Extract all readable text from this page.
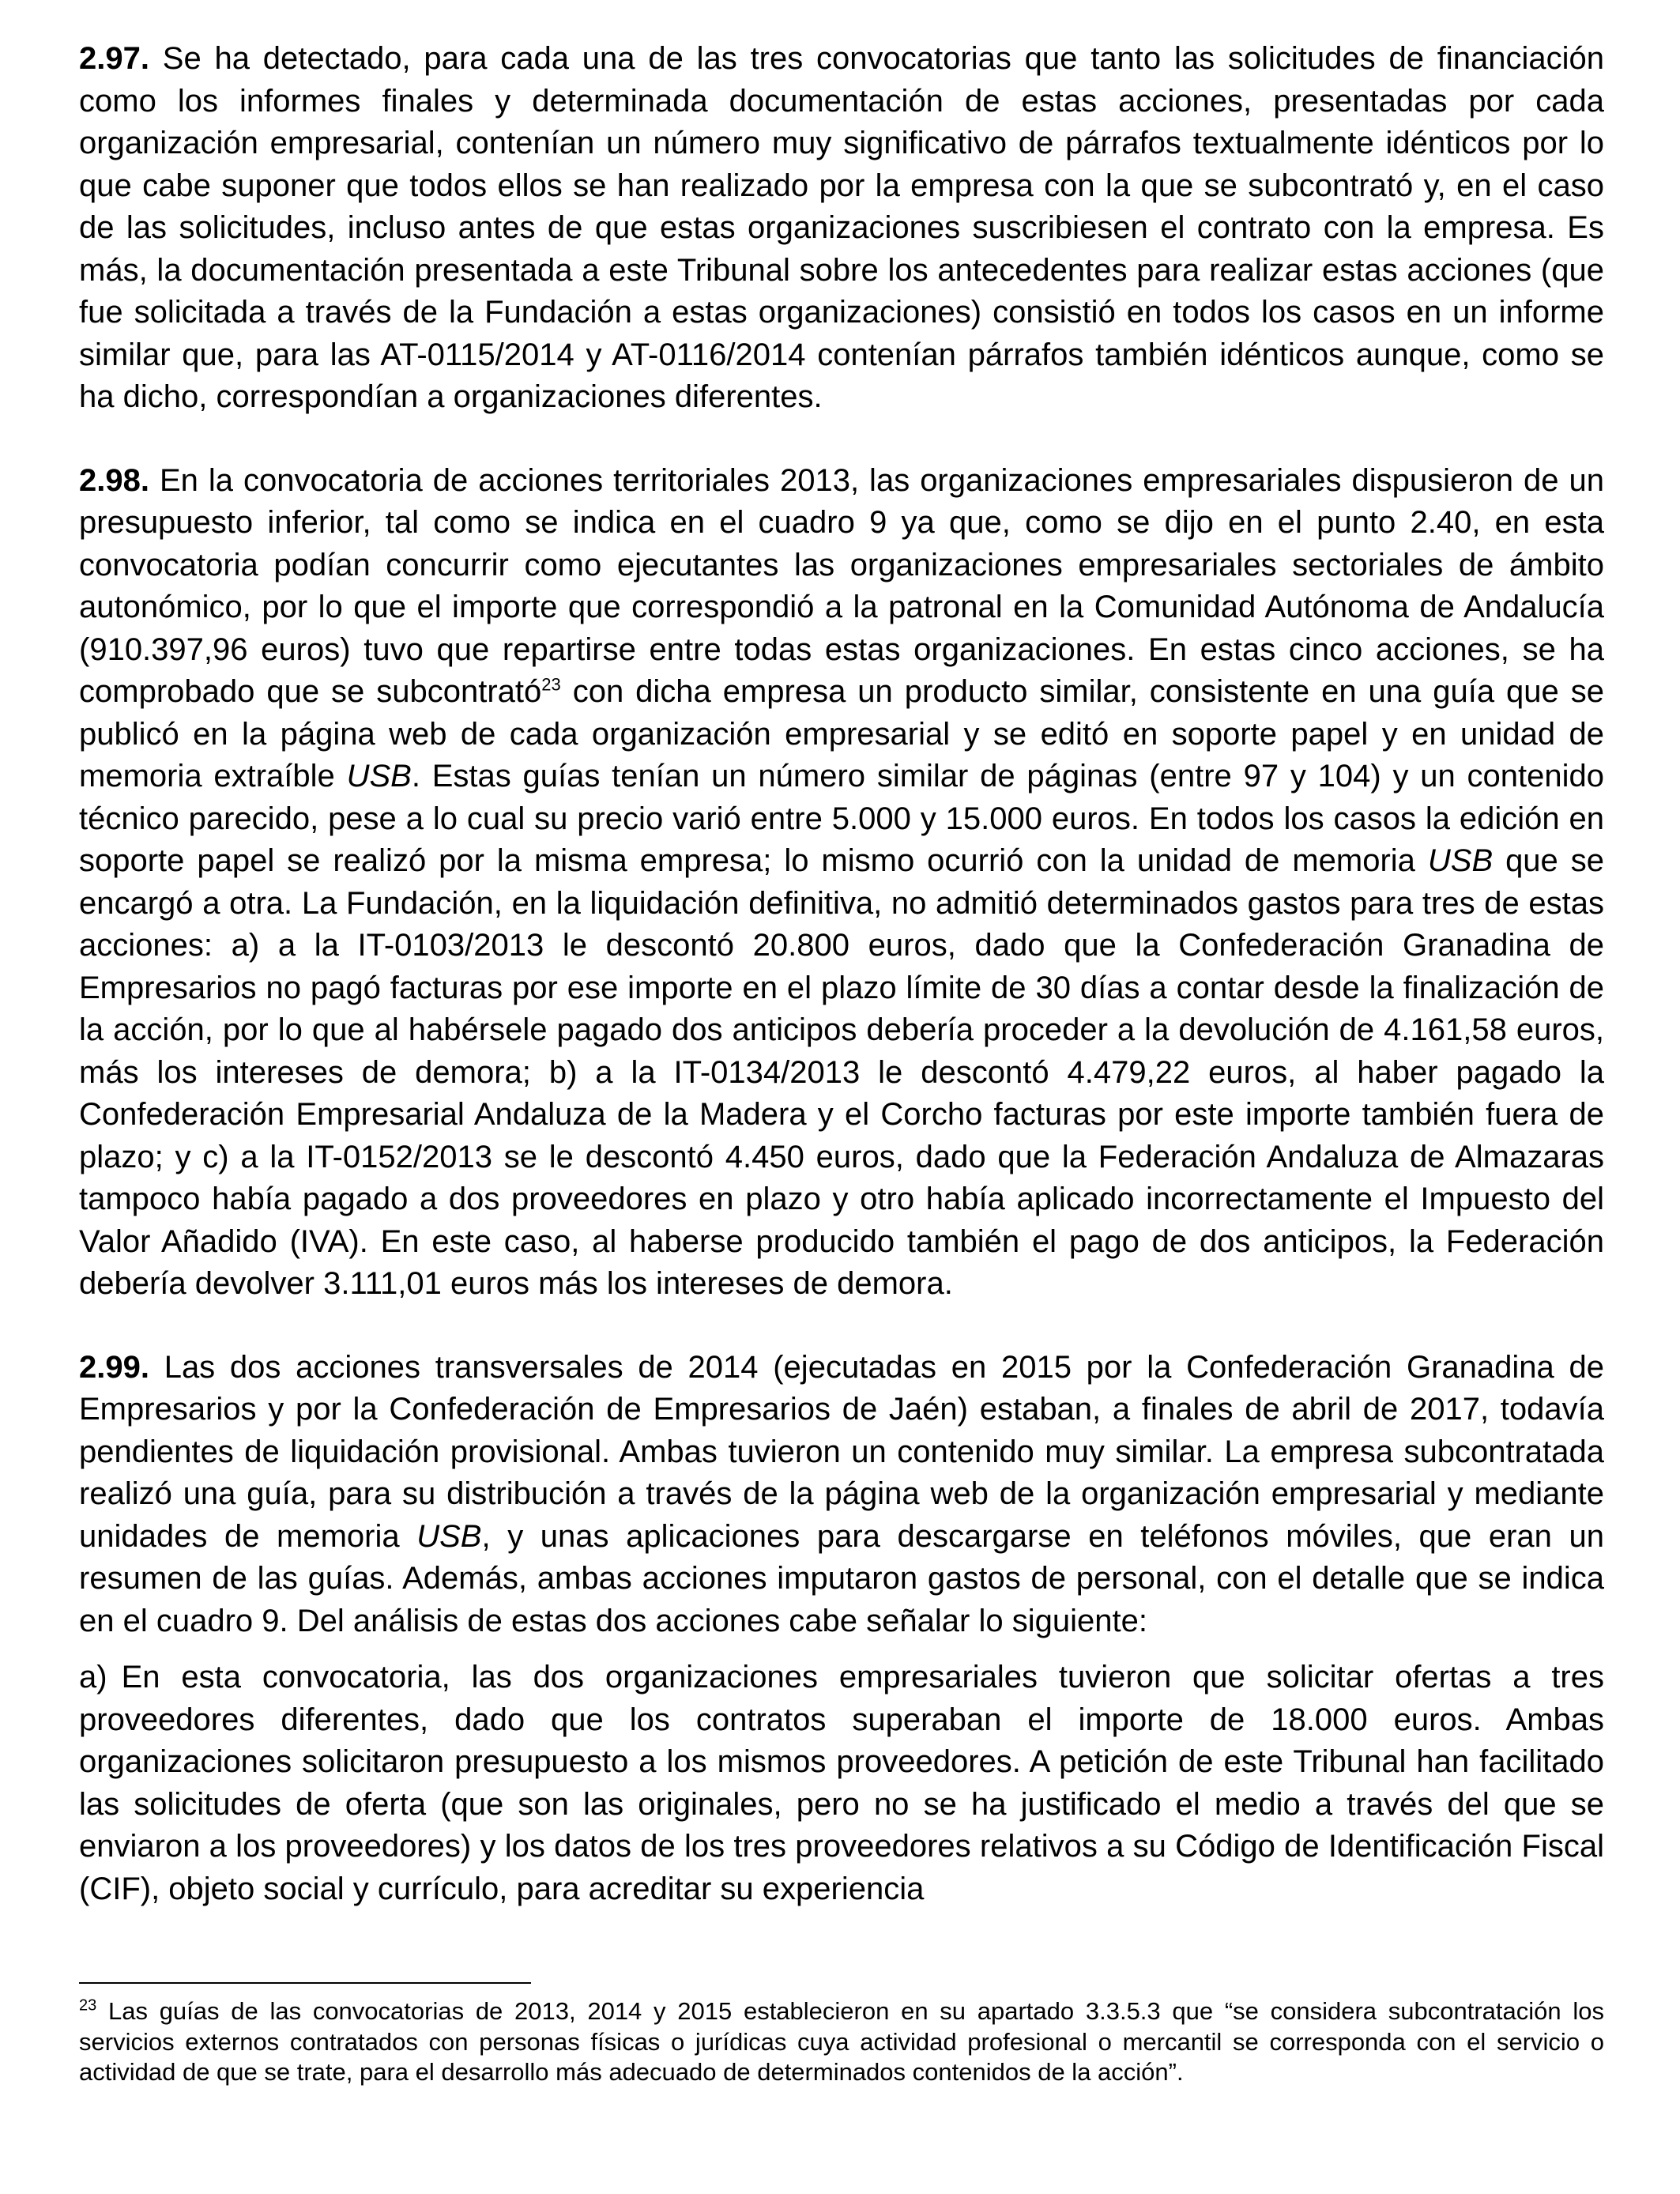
2.97. Se ha detectado, para cada una de las tres convocatorias que tanto las solicitudes de financiación como los informes finales y determinada documentación de estas acciones, presentadas por cada organización empresarial, contenían un número muy significativo de párrafos textualmente idénticos por lo que cabe suponer que todos ellos se han realizado por la empresa con la que se subcontrató y, en el caso de las solicitudes, incluso antes de que estas organizaciones suscribiesen el contrato con la empresa. Es más, la documentación presentada a este Tribunal sobre los antecedentes para realizar estas acciones (que fue solicitada a través de la Fundación a estas organizaciones) consistió en todos los casos en un informe similar que, para las AT-0115/2014 y AT-0116/2014 contenían párrafos también idénticos aunque, como se ha dicho, correspondían a organizaciones diferentes.

2.98. En la convocatoria de acciones territoriales 2013, las organizaciones empresariales dispusieron de un presupuesto inferior, tal como se indica en el cuadro 9 ya que, como se dijo en el punto 2.40, en esta convocatoria podían concurrir como ejecutantes las organizaciones empresariales sectoriales de ámbito autonómico, por lo que el importe que correspondió a la patronal en la Comunidad Autónoma de Andalucía (910.397,96 euros) tuvo que repartirse entre todas estas organizaciones. En estas cinco acciones, se ha comprobado que se subcontrató$^{23}$ con dicha empresa un producto similar, consistente en una guía que se publicó en la página web de cada organización empresarial y se editó en soporte papel y en unidad de memoria extraíble USB. Estas guías tenían un número similar de páginas (entre 97 y 104) y un contenido técnico parecido, pese a lo cual su precio varió entre 5.000 y 15.000 euros. En todos los casos la edición en soporte papel se realizó por la misma empresa; lo mismo ocurrió con la unidad de memoria USB que se encargó a otra. La Fundación, en la liquidación definitiva, no admitió determinados gastos para tres de estas acciones: a) a la IT-0103/2013 le descontó 20.800 euros, dado que la Confederación Granadina de Empresarios no pagó facturas por ese importe en el plazo límite de 30 días a contar desde la finalización de la acción, por lo que al habérsele pagado dos anticipos debería proceder a la devolución de 4.161,58 euros, más los intereses de demora; b) a la IT-0134/2013 le descontó 4.479,22 euros, al haber pagado la Confederación Empresarial Andaluza de la Madera y el Corcho facturas por este importe también fuera de plazo; y c) a la IT-0152/2013 se le descontó 4.450 euros, dado que la Federación Andaluza de Almazaras tampoco había pagado a dos proveedores en plazo y otro había aplicado incorrectamente el Impuesto del Valor Añadido (IVA). En este caso, al haberse producido también el pago de dos anticipos, la Federación debería devolver 3.111,01 euros más los intereses de demora.

2.99. Las dos acciones transversales de 2014 (ejecutadas en 2015 por la Confederación Granadina de Empresarios y por la Confederación de Empresarios de Jaén) estaban, a finales de abril de 2017, todavía pendientes de liquidación provisional. Ambas tuvieron un contenido muy similar. La empresa subcontratada realizó una guía, para su distribución a través de la página web de la organización empresarial y mediante unidades de memoria USB, y unas aplicaciones para descargarse en teléfonos móviles, que eran un resumen de las guías. Además, ambas acciones imputaron gastos de personal, con el detalle que se indica en el cuadro 9. Del análisis de estas dos acciones cabe señalar lo siguiente:

a) En esta convocatoria, las dos organizaciones empresariales tuvieron que solicitar ofertas a tres proveedores diferentes, dado que los contratos superaban el importe de 18.000 euros. Ambas organizaciones solicitaron presupuesto a los mismos proveedores. A petición de este Tribunal han facilitado las solicitudes de oferta (que son las originales, pero no se ha justificado el medio a través del que se enviaron a los proveedores) y los datos de los tres proveedores relativos a su Código de Identificación Fiscal (CIF), objeto social y currículo, para acreditar su experiencia

$^{23}$ Las guías de las convocatorias de 2013, 2014 y 2015 establecieron en su apartado 3.3.5.3 que “se considera subcontratación los servicios externos contratados con personas físicas o jurídicas cuya actividad profesional o mercantil se corresponda con el servicio o actividad de que se trate, para el desarrollo más adecuado de determinados contenidos de la acción”.
